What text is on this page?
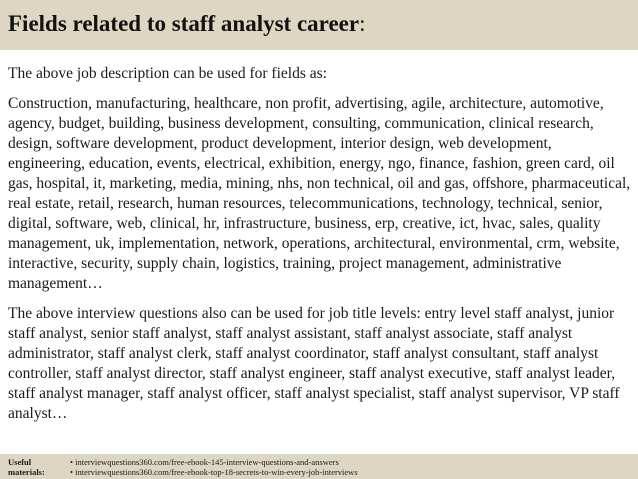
Fields related to staff analyst career:

The above job description can be used for fields as:

Construction, manufacturing, healthcare, non profit, advertising, agile, architecture, automotive, agency, budget, building, business development, consulting, communication, clinical research, design, software development, product development, interior design, web development, engineering, education, events, electrical, exhibition, energy, ngo, finance, fashion, green card, oil gas, hospital, it, marketing, media, mining, nhs, non technical, oil and gas, offshore, pharmaceutical, real estate, retail, research, human resources, telecommunications, technology, technical, senior, digital, software, web, clinical, hr, infrastructure, business, erp, creative, ict, hvac, sales, quality management, uk, implementation, network, operations, architectural, environmental, crm, website, interactive, security, supply chain, logistics, training, project management, administrative management…

The above interview questions also can be used for job title levels: entry level staff analyst, junior staff analyst, senior staff analyst, staff analyst assistant, staff analyst associate, staff analyst administrator, staff analyst clerk, staff analyst coordinator, staff analyst consultant, staff analyst controller, staff analyst director, staff analyst engineer, staff analyst executive, staff analyst leader, staff analyst manager, staff analyst officer, staff analyst specialist, staff analyst supervisor, VP staff analyst…

Useful materials:
• interviewquestions360.com/free-ebook-145-interview-questions-and-answers
• interviewquestions360.com/free-ebook-top-18-secrets-to-win-every-job-interviews
